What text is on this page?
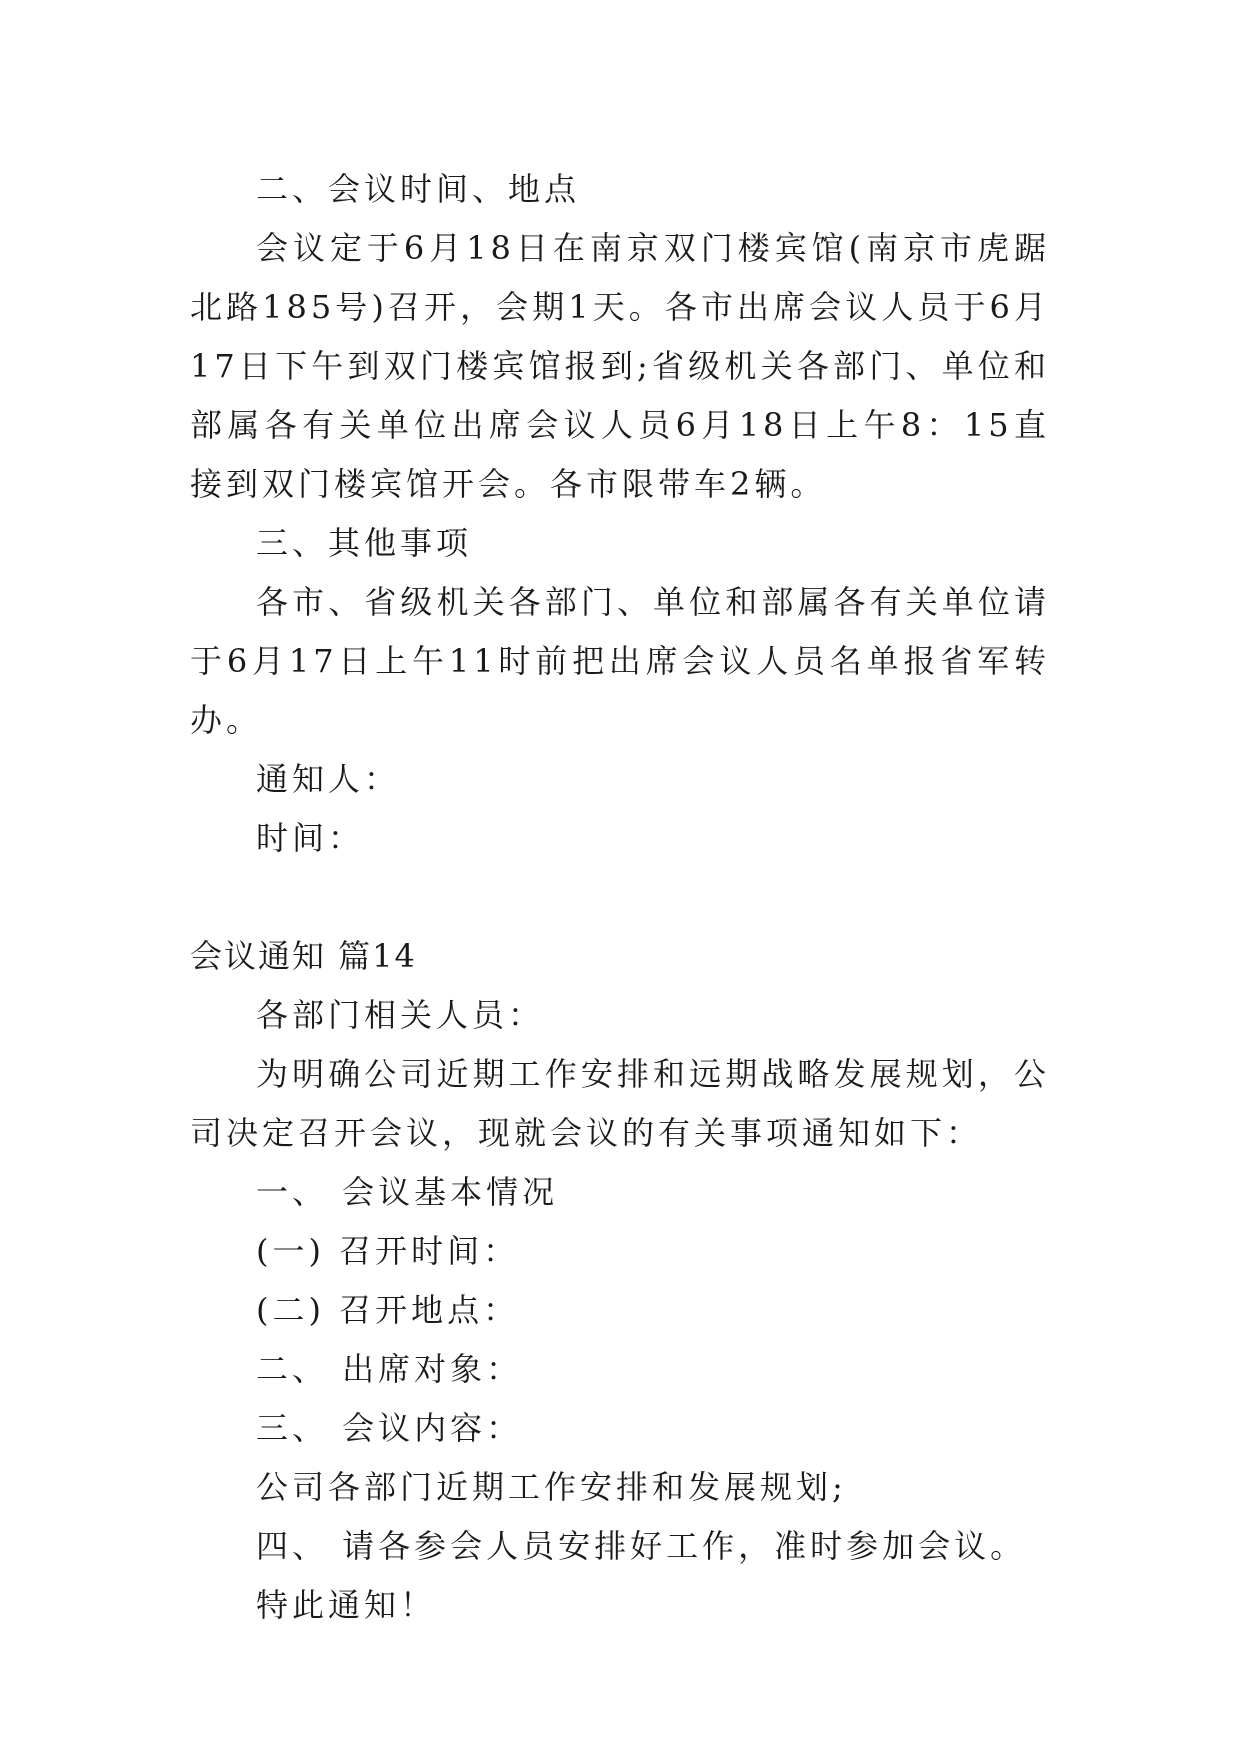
二、会议时间、地点

会议定于6月18日在南京双门楼宾馆(南京市虎踞北路185号)召开，会期1天。各市出席会议人员于6月17日下午到双门楼宾馆报到;省级机关各部门、单位和部属各有关单位出席会议人员6月18日上午8：15直接到双门楼宾馆开会。各市限带车2辆。

三、其他事项

各市、省级机关各部门、单位和部属各有关单位请于6月17日上午11时前把出席会议人员名单报省军转办。

通知人：

时间：

会议通知 篇14

各部门相关人员：

为明确公司近期工作安排和远期战略发展规划，公司决定召开会议，现就会议的有关事项通知如下：

一、 会议基本情况

(一) 召开时间：

(二) 召开地点：

二、 出席对象：

三、 会议内容：

公司各部门近期工作安排和发展规划;

四、 请各参会人员安排好工作，准时参加会议。

特此通知！
